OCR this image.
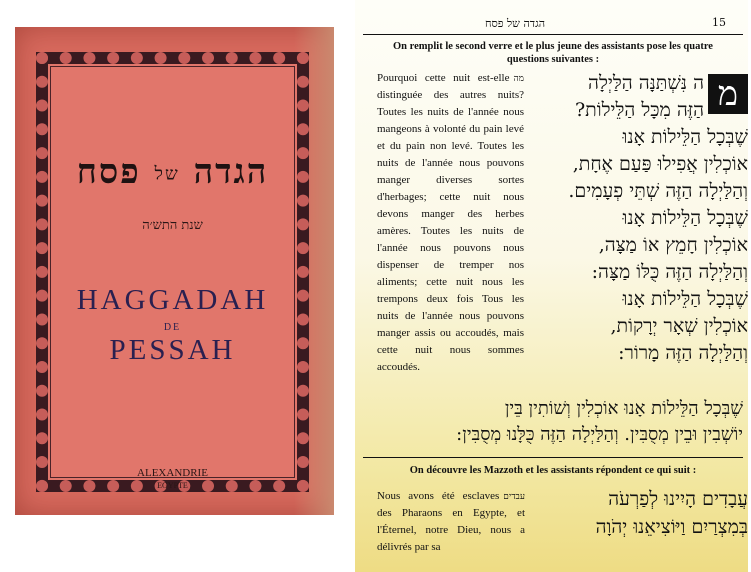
הגדה של פסח
שנת התש׳ה
HAGGADAH
DE
PESSAH
ALEXANDRIE
EGYPTE
הגדה של פסח	15
On remplit le second verre et le plus jeune des assistants pose les quatre questions suivantes :
מה
Pourquoi cette nuit est-elle distinguée des autres nuits? Toutes les nuits de l'année nous mangeons à volonté du pain levé et du pain non levé. Toutes les nuits de l'année nous pouvons manger diverses sortes d'herbages; cette nuit nous devons manger des herbes amères. Toutes les nuits de l'année nous pouvons nous dispenser de tremper nos aliments; cette nuit nous les trempons deux fois Tous les nuits de l'année nous pouvons manger assis ou accoudés, mais cette nuit nous sommes accoudés.
מ
ה נִּשְׁתַּנָּה הַלַּיְלָה
הַזֶּה מִכָּל הַלֵּילוֹת?
שֶׁבְּכָל הַלֵּילוֹת אָנוּ
אוֹכְלִין אֲפִילוּ פַּעַם אֶחָת,
וְהַלַּיְלָה הַזֶּה שְׁתֵּי פְעָמִים.
שֶׁבְּכָל הַלֵּילוֹת אָנוּ
אוֹכְלִין חָמֵץ אוֹ מַצָּה,
וְהַלַּיְלָה הַזֶּה כֻּלּוֹ מַצָּה:
שֶׁבְּכָל הַלֵּילוֹת אָנוּ
אוֹכְלִין שְׁאָר יְרָקוֹת,
וְהַלַּיְלָה הַזֶּה מָרוֹר:
שֶׁבְּכָל הַלֵּילוֹת אָנוּ אוֹכְלִין וְשׁוֹתִין בֵּין
יוֹשְׁבִין וּבֵין מְסֻבִּין. וְהַלַּיְלָה הַזֶּה כֻּלָּנוּ מְסֻבִּין:
On découvre les Mazzoth et les assistants répondent ce qui suit :
עבדים
Nous avons été esclaves des Pharaons en Egypte, et l'Éternel, notre Dieu, nous a délivrés par sa
עֲבָדִים הָיִינוּ לְפַרְעֹה
בְּמִצְרַיִם וַיּוֹצִיאֵנוּ יְהֹוָה
